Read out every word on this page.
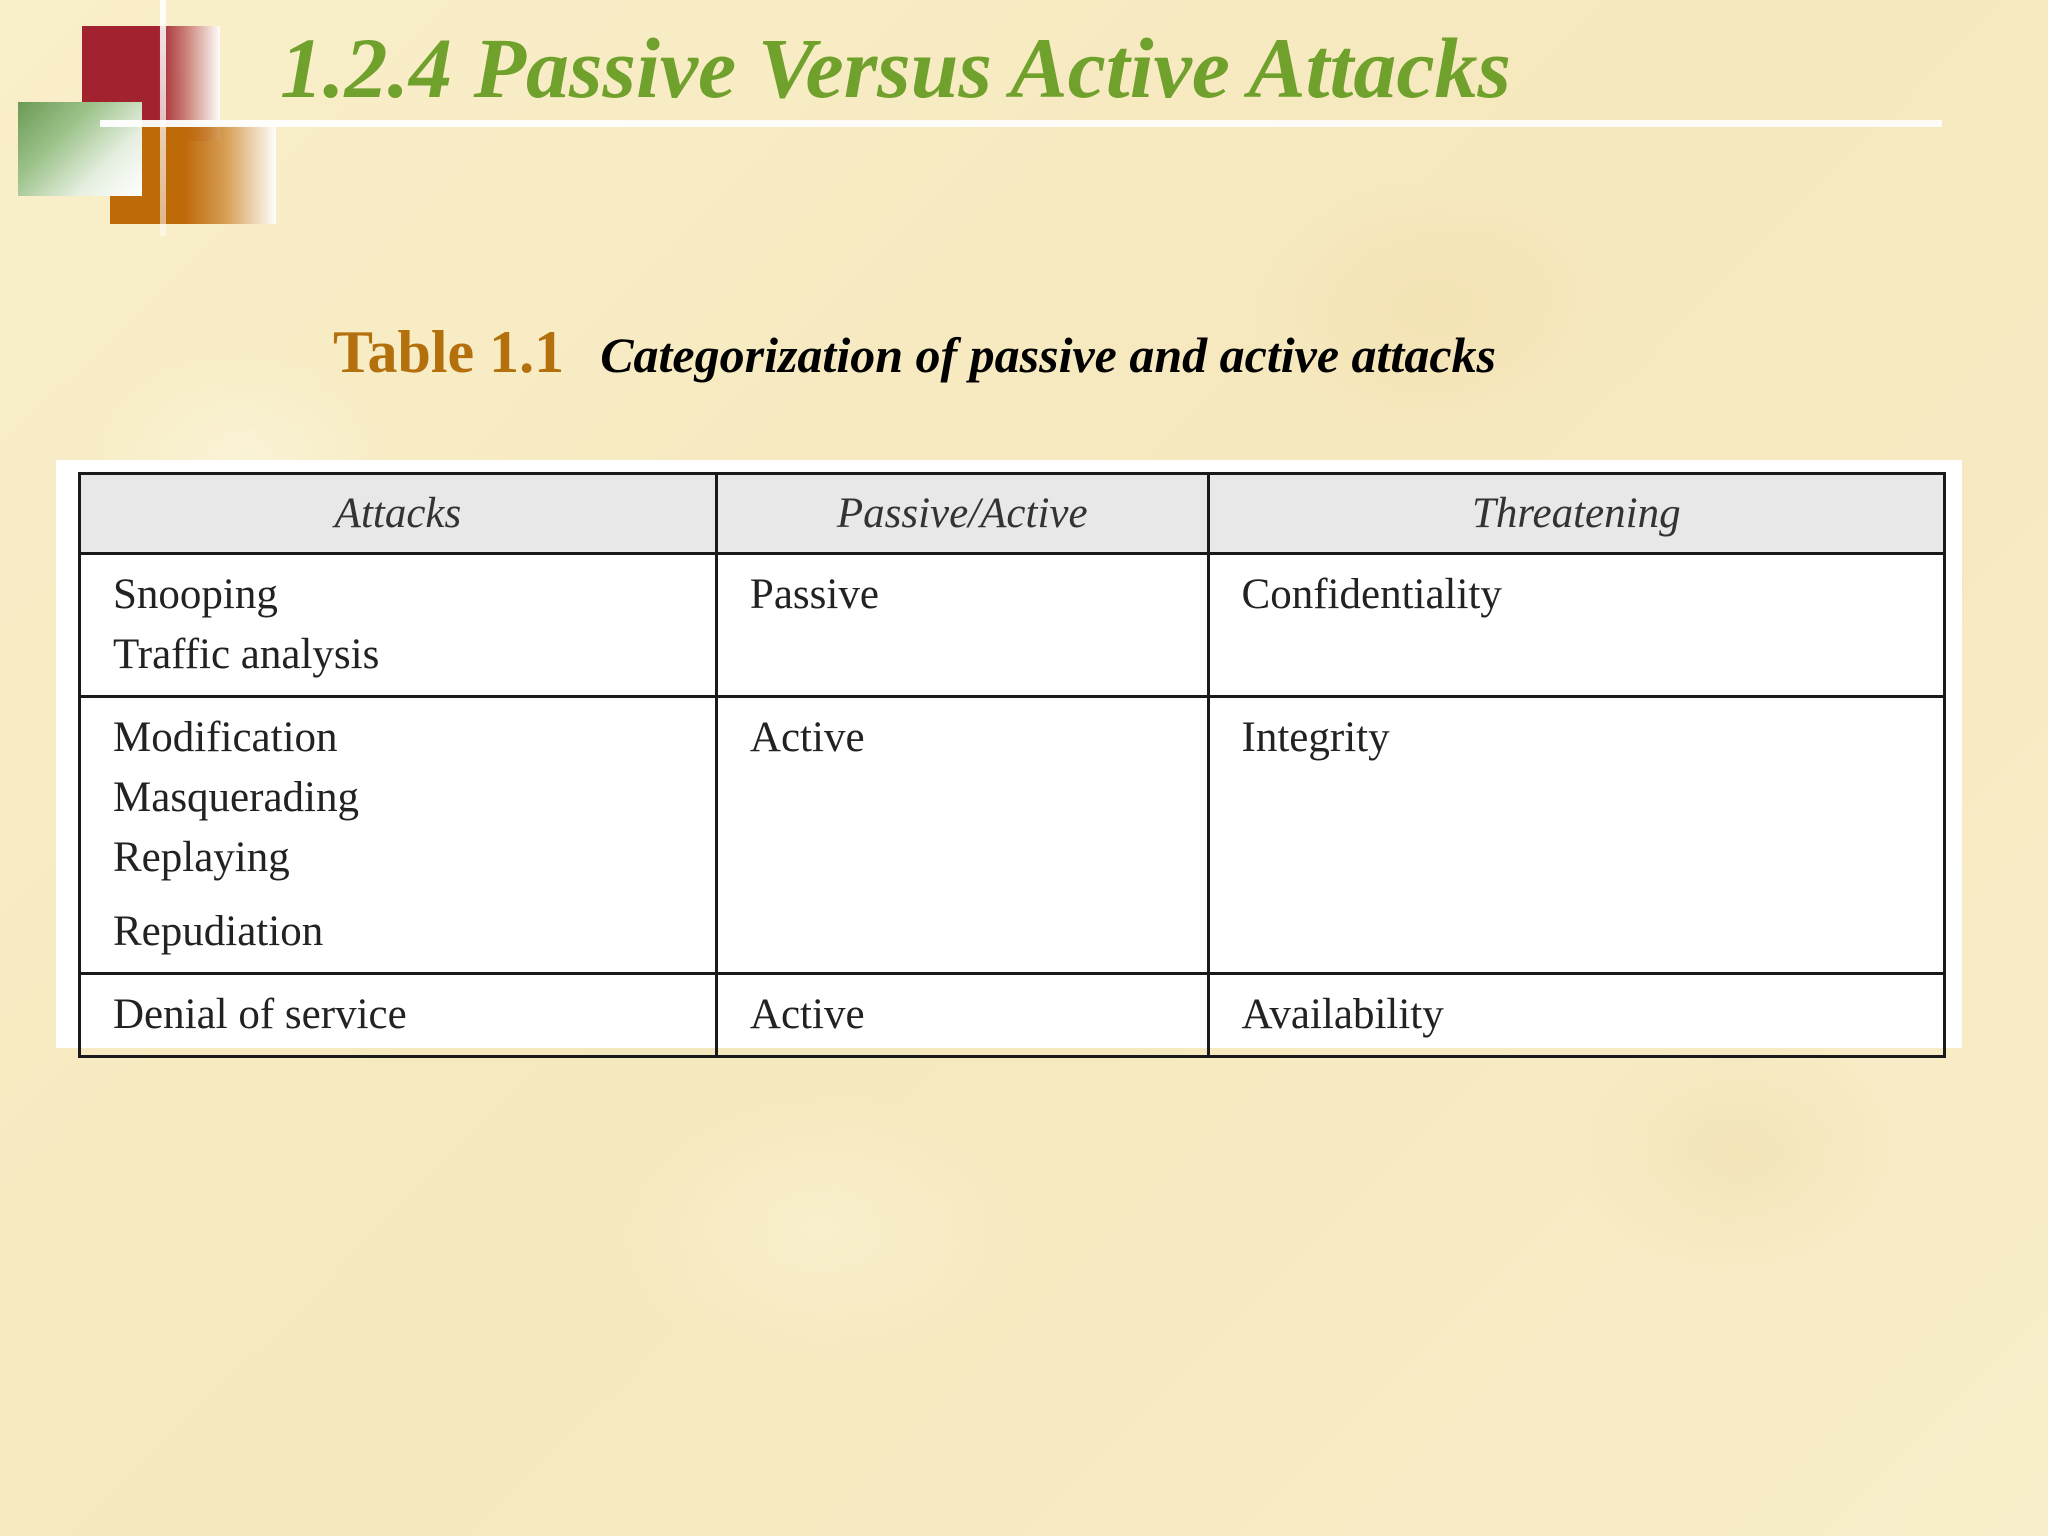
1.2.4 Passive Versus Active Attacks
Table 1.1 Categorization of passive and active attacks
Attacks	Passive/Active	Threatening

Snooping
Traffic analysis	Passive	Confidentiality

Modification
Masquerading
Replaying
Repudiation	Active	Integrity

Denial of service	Active	Availability
